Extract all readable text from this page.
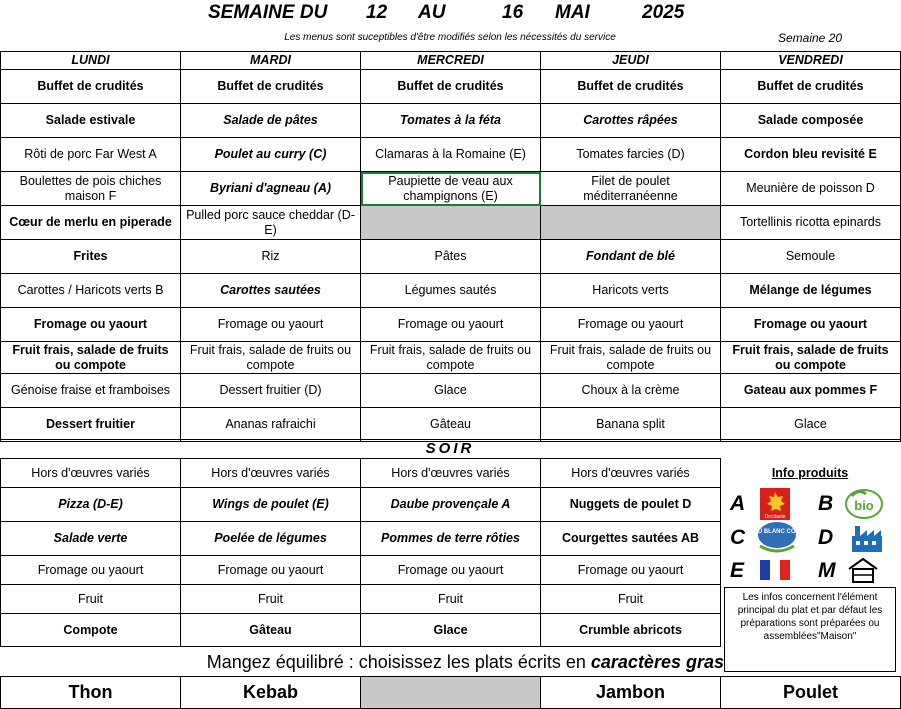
SEMAINE DU 12 AU	16 MAI	2025
Les menus sont suceptibles d'être modifiés selon les nécessités du service	Semaine 20
LUNDI	MARDI	MERCREDI	JEUDI	VENDREDI
Buffet de crudités	Buffet de crudités	Buffet de crudités	Buffet de crudités	Buffet de crudités
Salade estivale	Salade de pâtes	Tomates à la féta	Carottes râpées	Salade composée
Rôti de porc Far West A	Poulet au curry (C)	Clamaras à la Romaine (E)	Tomates farcies (D)	Cordon bleu revisité E
Boulettes de pois chiches maison F	Byriani d'agneau (A)	Paupiette de veau aux champignons (E)	Filet de poulet méditerranéenne	Meunière de poisson D
Cœur de merlu en piperade	Pulled porc sauce cheddar (D-E)			Tortellinis ricotta epinards
Frites	Riz	Pâtes	Fondant de blé	Semoule
Carottes / Haricots verts B	Carottes sautées	Légumes sautés	Haricots verts	Mélange de légumes
Fromage ou yaourt	Fromage ou yaourt	Fromage ou yaourt	Fromage ou yaourt	Fromage ou yaourt
Fruit frais, salade de fruits ou compote	Fruit frais, salade de fruits ou compote	Fruit frais, salade de fruits ou compote	Fruit frais, salade de fruits ou compote	Fruit frais, salade de fruits ou compote
Génoise fraise et framboises	Dessert fruitier (D)	Glace	Choux à la crème	Gateau aux pommes F
Dessert fruitier	Ananas rafraichi	Gâteau	Banana split	Glace
SOIR
Hors d'œuvres variés	Hors d'œuvres variés	Hors d'œuvres variés	Hors d'œuvres variés
Pizza (D-E)	Wings de poulet (E)	Daube provençale A	Nuggets de poulet D
Salade verte	Poelée de légumes	Pommes de terre rôties	Courgettes sautées AB
Fromage ou yaourt	Fromage ou yaourt	Fromage ou yaourt	Fromage ou yaourt
Fruit	Fruit	Fruit	Fruit
Compote	Gâteau	Glace	Crumble abricots
Info produits
A
Occitanie
B bio
C BLEU BLANC COEUR D
E	M
Les infos concernent l'élément principal du plat et par défaut les préparations sont préparées ou assemblées"Maison"
Mangez équilibré : choisissez les plats écrits en caractères gras
Thon	Kebab		Jambon	Poulet
